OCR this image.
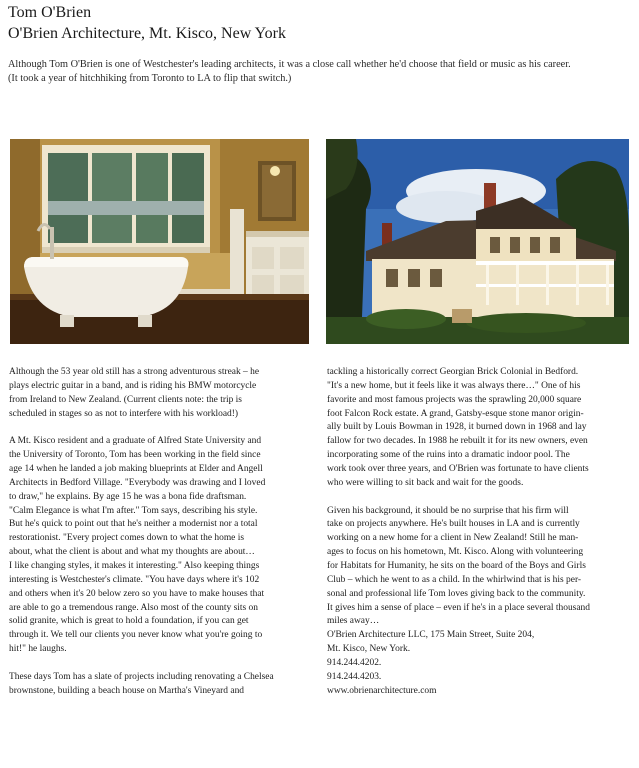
Tom O'Brien
O'Brien Architecture, Mt. Kisco, New York

Although Tom O'Brien is one of Westchester's leading architects, it was a close call whether he'd choose that field or music as his career.

(It took a year of hitchhiking from Toronto to LA to flip that switch.)

Although the 53 year old still has a strong adventurous streak – he

plays electric guitar in a band, and is riding his BMW motorcycle

from Ireland to New Zealand. (Current clients note: the trip is

scheduled in stages so as not to interfere with his workload!)

A Mt. Kisco resident and a graduate of Alfred State University and

the University of Toronto, Tom has been working in the field since

age 14 when he landed a job making blueprints at Elder and Angell

Architects in Bedford Village. "Everybody was drawing and I loved

to draw," he explains. By age 15 he was a bona fide draftsman.

"Calm Elegance is what I'm after." Tom says, describing his style.

But he's quick to point out that he's neither a modernist nor a total

restorationist. "Every project comes down to what the home is

about, what the client is about and what my thoughts are about…

I like changing styles, it makes it interesting." Also keeping things

interesting is Westchester's climate. "You have days where it's 102

and others when it's 20 below zero so you have to make houses that

are able to go a tremendous range. Also most of the county sits on

solid granite, which is great to hold a foundation, if you can get

through it. We tell our clients you never know what you're going to

hit!" he laughs.

These days Tom has a slate of projects including renovating a Chelsea

brownstone, building a beach house on Martha's Vineyard and

tackling a historically correct Georgian Brick Colonial in Bedford.

"It's a new home, but it feels like it was always there…" One of his

favorite and most famous projects was the sprawling 20,000 square

foot Falcon Rock estate. A grand, Gatsby-esque stone manor origin-

ally built by Louis Bowman in 1928, it burned down in 1968 and lay

fallow for two decades. In 1988 he rebuilt it for its new owners, even

incorporating some of the ruins into a dramatic indoor pool. The

work took over three years, and O'Brien was fortunate to have clients

who were willing to sit back and wait for the goods.

Given his background, it should be no surprise that his firm will

take on projects anywhere. He's built houses in LA and is currently

working on a new home for a client in New Zealand! Still he man-

ages to focus on his hometown, Mt. Kisco. Along with volunteering

for Habitats for Humanity, he sits on the board of the Boys and Girls

Club – which he went to as a child. In the whirlwind that is his per-

sonal and professional life Tom loves giving back to the community.

It gives him a sense of place – even if he's in a place several thousand

miles away…

O'Brien Architecture LLC, 175 Main Street, Suite 204,

Mt. Kisco, New York.

914.244.4202.

914.244.4203.

www.obrienarchitecture.com
